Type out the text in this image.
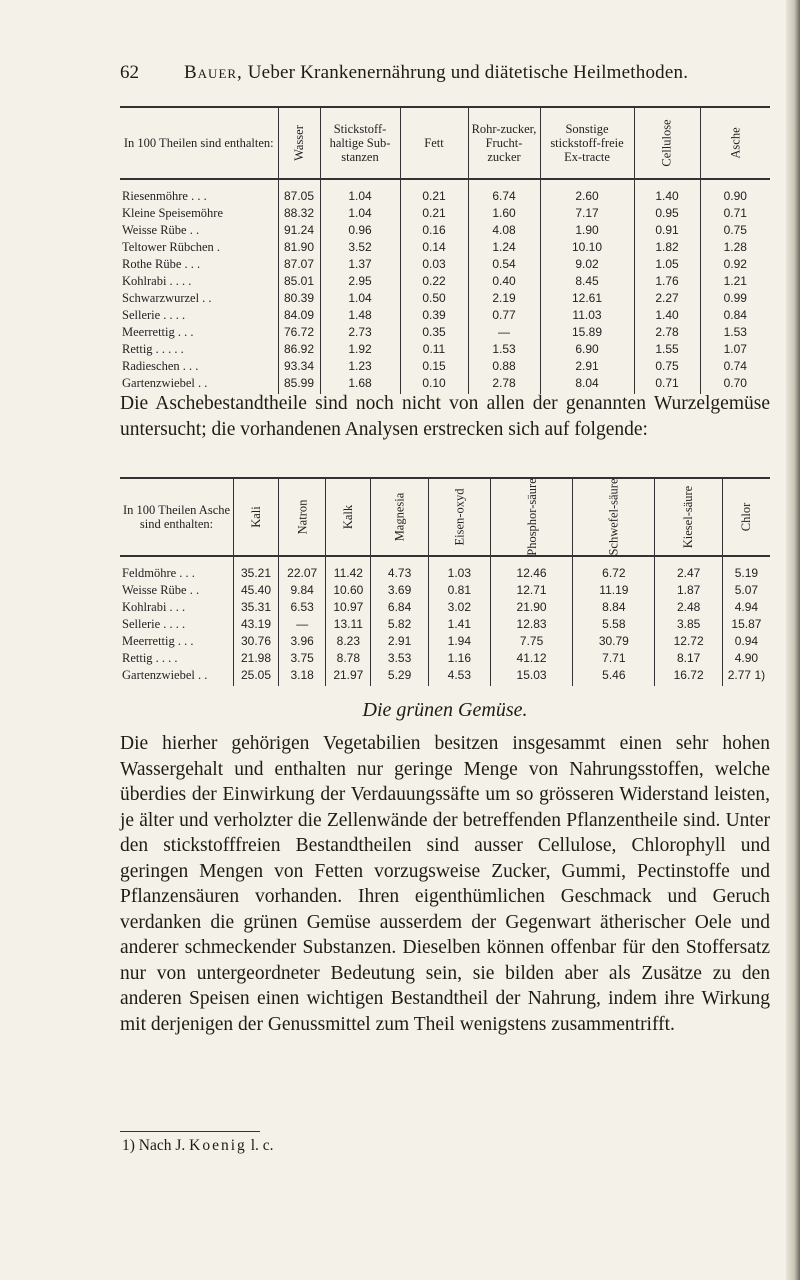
62 Bauer, Ueber Krankenernährung und diätetische Heilmethoden.
In 100 Theilen sind enthalten:	Wasser	Stickstoff-haltige Sub-stanzen	Fett	Rohr-zucker, Frucht-zucker	Sonstige stickstoff-freie Ex-tracte	Cellulose	Asche

Riesenmöhre . . .	87.05	1.04	0.21	6.74	2.60	1.40	0.90
Kleine Speisemöhre	88.32	1.04	0.21	1.60	7.17	0.95	0.71
Weisse Rübe . .	91.24	0.96	0.16	4.08	1.90	0.91	0.75
Teltower Rübchen .	81.90	3.52	0.14	1.24	10.10	1.82	1.28
Rothe Rübe . . .	87.07	1.37	0.03	0.54	9.02	1.05	0.92
Kohlrabi . . . .	85.01	2.95	0.22	0.40	8.45	1.76	1.21
Schwarzwurzel . .	80.39	1.04	0.50	2.19	12.61	2.27	0.99
Sellerie . . . .	84.09	1.48	0.39	0.77	11.03	1.40	0.84
Meerrettig . . .	76.72	2.73	0.35	—	15.89	2.78	1.53
Rettig . . . . .	86.92	1.92	0.11	1.53	6.90	1.55	1.07
Radieschen . . .	93.34	1.23	0.15	0.88	2.91	0.75	0.74
Gartenzwiebel . .	85.99	1.68	0.10	2.78	8.04	0.71	0.70
Die Aschebestandtheile sind noch nicht von allen der genannten Wurzelgemüse untersucht; die vorhandenen Analysen erstrecken sich auf folgende:
In 100 Theilen Asche sind enthalten:	Kali	Natron	Kalk	Magnesia	Eisen-oxyd	Phosphor-säure	Schwefel-säure	Kiesel-säure	Chlor

Feldmöhre . . .	35.21	22.07	11.42	4.73	1.03	12.46	6.72	2.47	5.19
Weisse Rübe . .	45.40	9.84	10.60	3.69	0.81	12.71	11.19	1.87	5.07
Kohlrabi . . .	35.31	6.53	10.97	6.84	3.02	21.90	8.84	2.48	4.94
Sellerie . . . .	43.19	—	13.11	5.82	1.41	12.83	5.58	3.85	15.87
Meerrettig . . .	30.76	3.96	8.23	2.91	1.94	7.75	30.79	12.72	0.94
Rettig . . . .	21.98	3.75	8.78	3.53	1.16	41.12	7.71	8.17	4.90
Gartenzwiebel . .	25.05	3.18	21.97	5.29	4.53	15.03	5.46	16.72	2.77 1)
Die grünen Gemüse.
Die hierher gehörigen Vegetabilien besitzen insgesammt einen sehr hohen Wassergehalt und enthalten nur geringe Menge von Nahrungsstoffen, welche überdies der Einwirkung der Verdauungssäfte um so grösseren Widerstand leisten, je älter und verholzter die Zellenwände der betreffenden Pflanzentheile sind. Unter den stickstofffreien Bestandtheilen sind ausser Cellulose, Chlorophyll und geringen Mengen von Fetten vorzugsweise Zucker, Gummi, Pectinstoffe und Pflanzensäuren vorhanden. Ihren eigenthümlichen Geschmack und Geruch verdanken die grünen Gemüse ausserdem der Gegenwart ätherischer Oele und anderer schmeckender Substanzen. Dieselben können offenbar für den Stoffersatz nur von untergeordneter Bedeutung sein, sie bilden aber als Zusätze zu den anderen Speisen einen wichtigen Bestandtheil der Nahrung, indem ihre Wirkung mit derjenigen der Genussmittel zum Theil wenigstens zusammentrifft.
1) Nach J. Koenig l. c.
